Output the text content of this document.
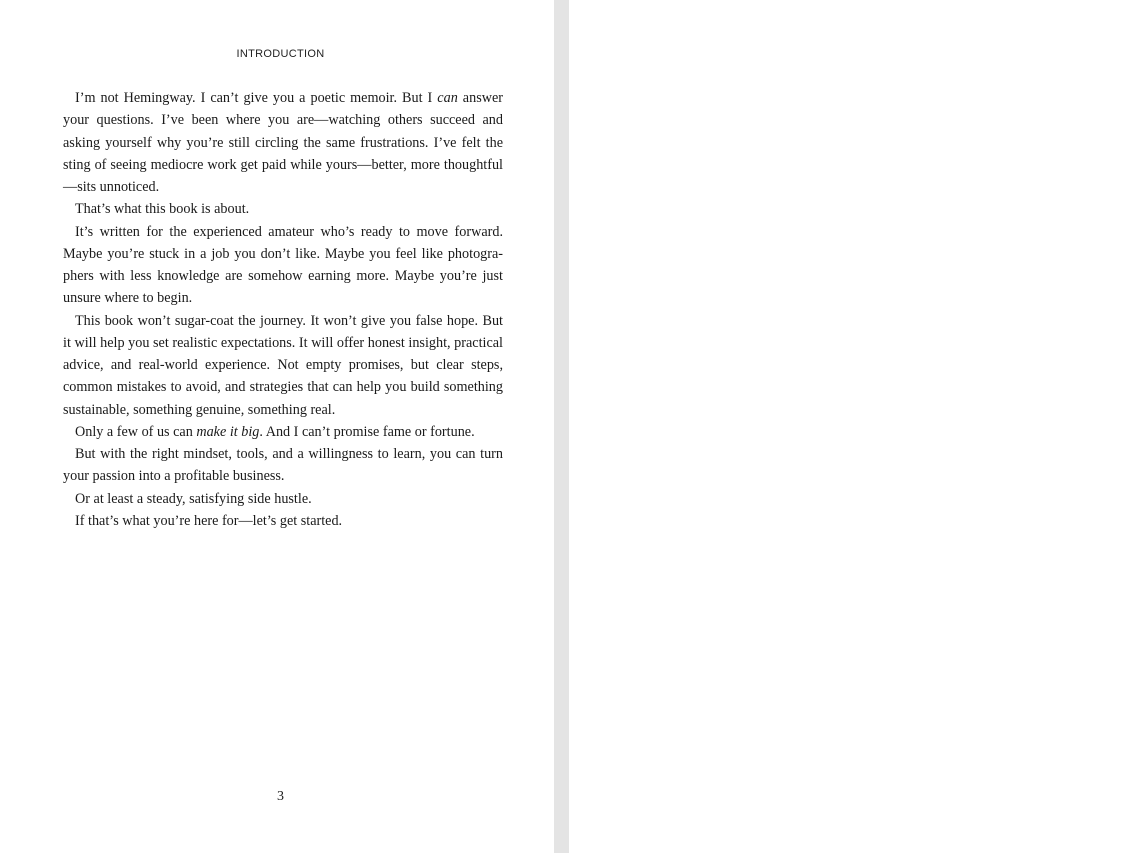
INTRODUCTION

I’m not Hemingway. I can’t give you a poetic memoir. But I can answer your questions. I’ve been where you are—watching others succeed and asking yourself why you’re still circling the same frustrations. I’ve felt the sting of seeing mediocre work get paid while yours—better, more thoughtful—sits unnoticed.

That’s what this book is about.

It’s written for the experienced amateur who’s ready to move forward. Maybe you’re stuck in a job you don’t like. Maybe you feel like photogra-phers with less knowledge are somehow earning more. Maybe you’re just unsure where to begin.

This book won’t sugar-coat the journey. It won’t give you false hope. But it will help you set realistic expectations. It will offer honest insight, practical advice, and real-world experience. Not empty promises, but clear steps, common mistakes to avoid, and strategies that can help you build something sustainable, something genuine, something real.

Only a few of us can make it big. And I can’t promise fame or fortune.

But with the right mindset, tools, and a willingness to learn, you can turn your passion into a profitable business.

Or at least a steady, satisfying side hustle.

If that’s what you’re here for—let’s get started.

3
